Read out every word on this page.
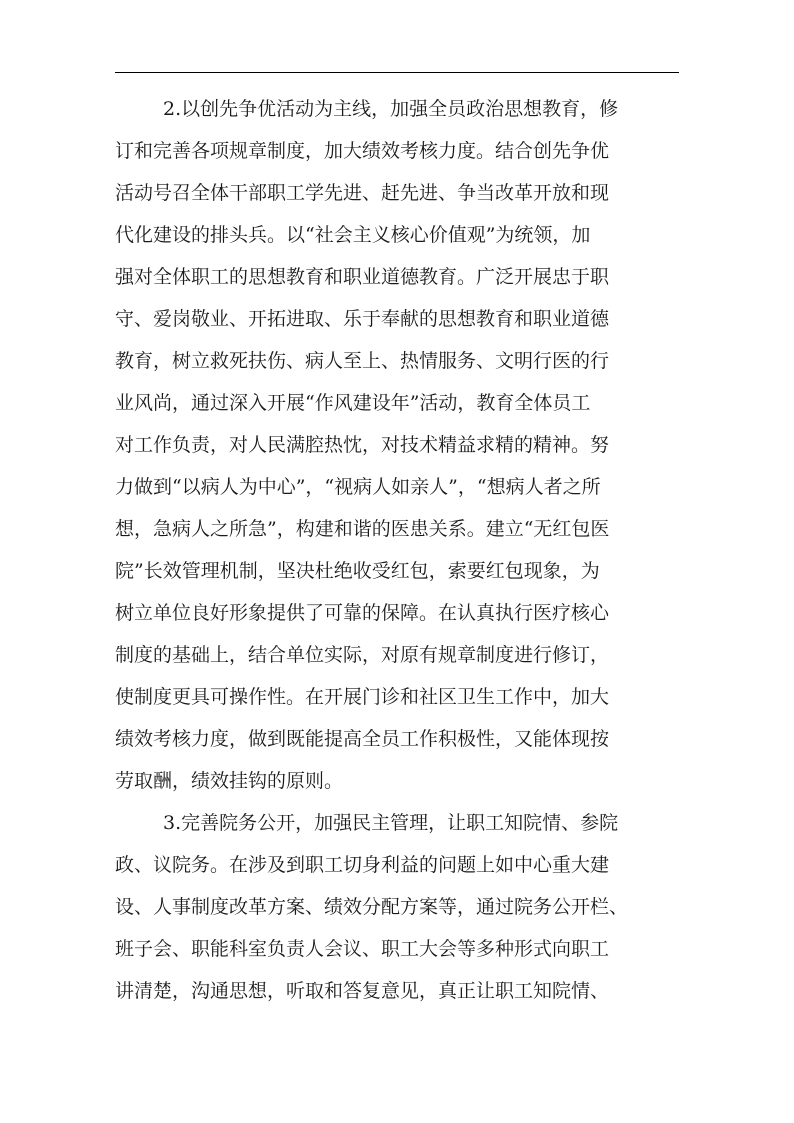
2.以创先争优活动为主线，加强全员政治思想教育，修
订和完善各项规章制度，加大绩效考核力度。结合创先争优
活动号召全体干部职工学先进、赶先进、争当改革开放和现
代化建设的排头兵。以“社会主义核心价值观”为统领，加
强对全体职工的思想教育和职业道德教育。广泛开展忠于职
守、爱岗敬业、开拓进取、乐于奉献的思想教育和职业道德
教育，树立救死扶伤、病人至上、热情服务、文明行医的行
业风尚，通过深入开展“作风建设年”活动，教育全体员工
对工作负责，对人民满腔热忱，对技术精益求精的精神。努
力做到“以病人为中心”，“视病人如亲人”，“想病人者之所
想，急病人之所急”，构建和谐的医患关系。建立“无红包医
院”长效管理机制，坚决杜绝收受红包，索要红包现象，为
树立单位良好形象提供了可靠的保障。在认真执行医疗核心
制度的基础上，结合单位实际，对原有规章制度进行修订，
使制度更具可操作性。在开展门诊和社区卫生工作中，加大
绩效考核力度，做到既能提高全员工作积极性，又能体现按
劳取酬，绩效挂钩的原则。
3.完善院务公开，加强民主管理，让职工知院情、参院
政、议院务。在涉及到职工切身利益的问题上如中心重大建
设、人事制度改革方案、绩效分配方案等，通过院务公开栏、
班子会、职能科室负责人会议、职工大会等多种形式向职工
讲清楚，沟通思想，听取和答复意见，真正让职工知院情、
